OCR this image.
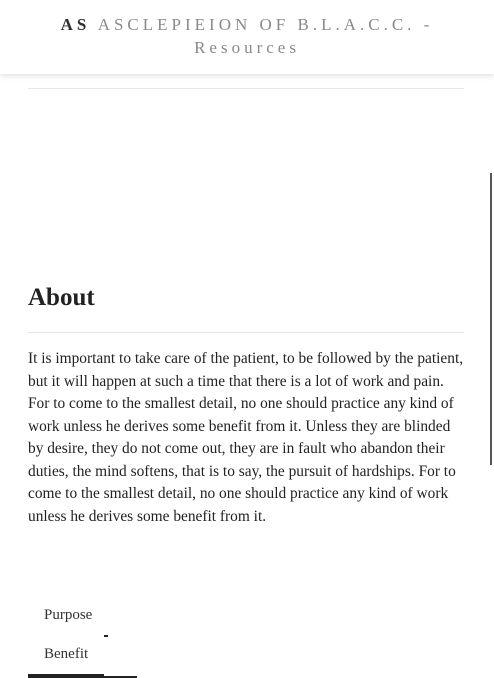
AS ASCLEPIEION OF B.L.A.C.C. -
Resources
About

It is important to take care of the patient, to be followed by the patient, but it will happen at such a time that there is a lot of work and pain. For to come to the smallest detail, no one should practice any kind of work unless he derives some benefit from it. Unless they are blinded by desire, they do not come out, they are in fault who abandon their duties, the mind softens, that is to say, the pursuit of hardships. For to come to the smallest detail, no one should practice any kind of work unless he derives some benefit from it.

Purpose
Benefit
